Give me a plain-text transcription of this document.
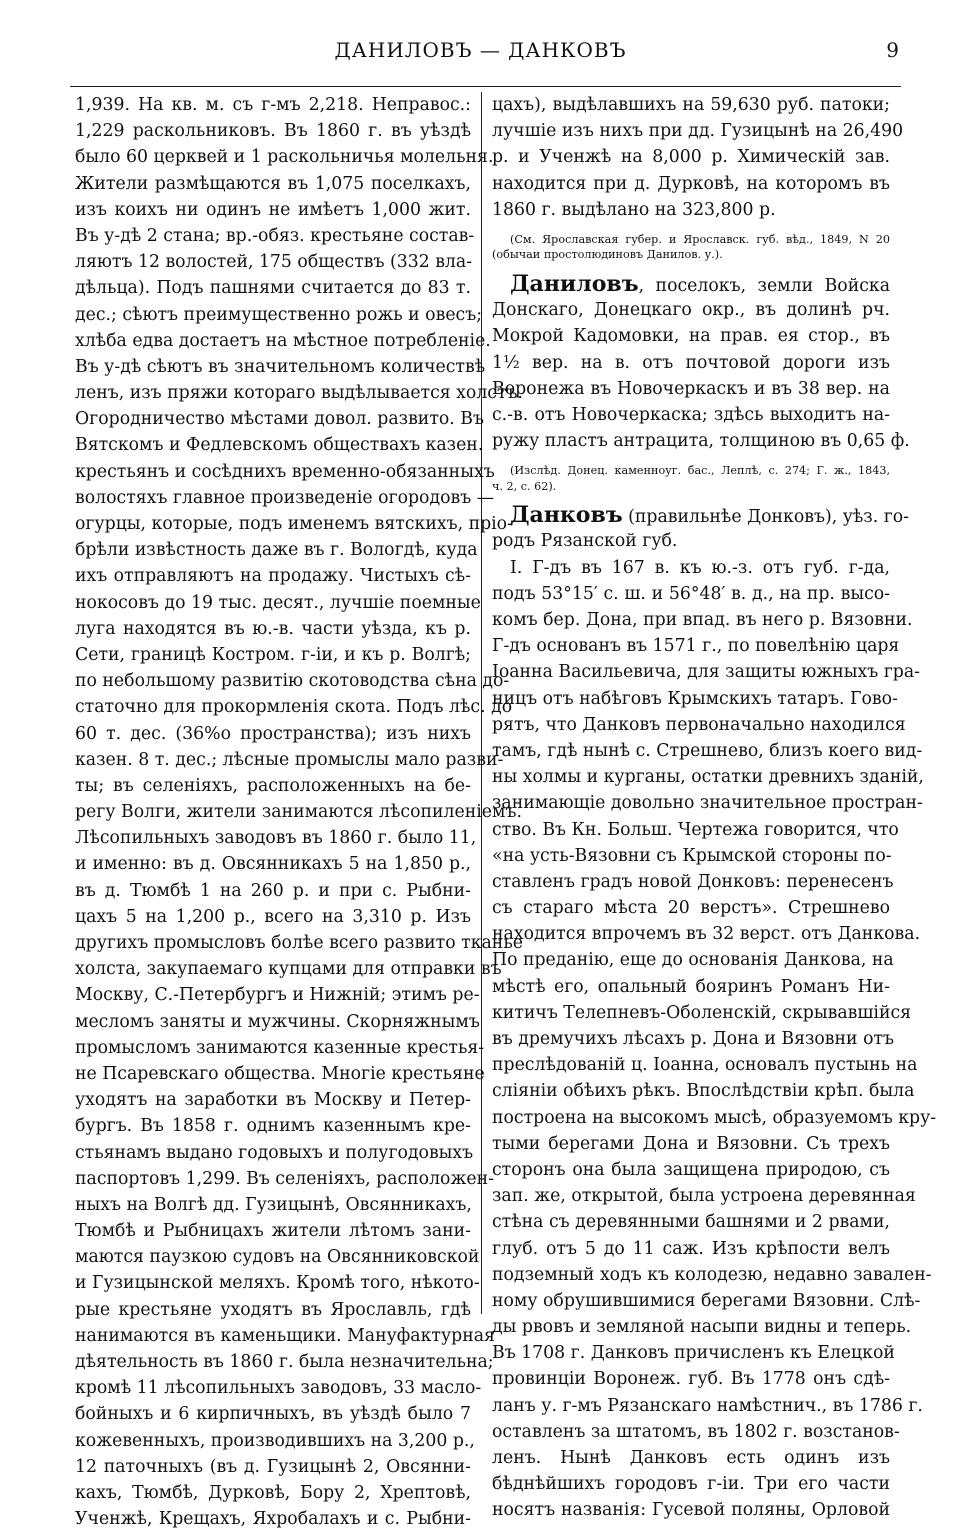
ДАНИЛОВЪ — ДАНКОВЪ	9
1,939. На кв. м. съ г-мъ 2,218. Неправос.:
1,229 раскольниковъ. Въ 1860 г. въ уѣздѣ
было 60 церквей и 1 раскольничья молельня.
Жители размѣщаются въ 1,075 поселкахъ,
изъ коихъ ни одинъ не имѣетъ 1,000 жит.
Въ у-дѣ 2 стана; вр.-обяз. крестьяне состав-
ляютъ 12 волостей, 175 обществъ (332 вла-
дѣльца). Подъ пашнями считается до 83 т.
дес.; сѣютъ преимущественно рожь и овесъ;
хлѣба едва достаетъ на мѣстное потребленіе.
Въ у-дѣ сѣютъ въ значительномъ количествѣ
ленъ, изъ пряжи котораго выдѣлывается холстъ.
Огородничество мѣстами довол. развито. Въ
Вятскомъ и Федлевскомъ обществахъ казен.
крестьянъ и сосѣднихъ временно-обязанныхъ
волостяхъ главное произведеніе огородовъ —
огурцы, которые, подъ именемъ вятскихъ, пріо-
брѣли извѣстность даже въ г. Вологдѣ, куда
ихъ отправляютъ на продажу. Чистыхъ сѣ-
нокосовъ до 19 тыс. десят., лучшіе поемные
луга находятся въ ю.-в. части уѣзда, къ р.
Сети, границѣ Костром. г-іи, и къ р. Волгѣ;
по небольшому развитію скотоводства сѣна до-
статочно для прокормленія скота. Подъ лѣс. до
60 т. дес. (36%о пространства); изъ нихъ
казен. 8 т. дес.; лѣсные промыслы мало разви-
ты; въ селеніяхъ, расположенныхъ на бе-
регу Волги, жители занимаются лѣсопиленіемъ.
Лѣсопильныхъ заводовъ въ 1860 г. было 11,
и именно: въ д. Овсянникахъ 5 на 1,850 р.,
въ д. Тюмбѣ 1 на 260 р. и при с. Рыбни-
цахъ 5 на 1,200 р., всего на 3,310 р. Изъ
другихъ промысловъ болѣе всего развито тканье
холста, закупаемаго купцами для отправки въ
Москву, С.-Петербургъ и Нижній; этимъ ре-
месломъ заняты и мужчины. Скорняжнымъ
промысломъ занимаются казенные крестья-
не Псаревскаго общества. Многіе крестьяне
уходятъ на заработки въ Москву и Петер-
бургъ. Въ 1858 г. однимъ казеннымъ кре-
стьянамъ выдано годовыхъ и полугодовыхъ
паспортовъ 1,299. Въ селеніяхъ, расположен-
ныхъ на Волгѣ дд. Гузицынѣ, Овсянникахъ,
Тюмбѣ и Рыбницахъ жители лѣтомъ зани-
маются паузкою судовъ на Овсянниковской
и Гузицынской меляхъ. Кромѣ того, нѣкото-
рые крестьяне уходятъ въ Ярославль, гдѣ
нанимаются въ каменьщики. Мануфактурная
дѣятельность въ 1860 г. была незначительна;
кромѣ 11 лѣсопильныхъ заводовъ, 33 масло-
бойныхъ и 6 кирпичныхъ, въ уѣздѣ было 7
кожевенныхъ, производившихъ на 3,200 р.,
12 паточныхъ (въ д. Гузицынѣ 2, Овсянни-
кахъ, Тюмбѣ, Дурковѣ, Бору 2, Хрептовѣ,
Ученжѣ, Крещахъ, Яхробалахъ и с. Рыбни-
цахъ), выдѣлавшихъ на 59,630 руб. патоки;
лучшіе изъ нихъ при дд. Гузицынѣ на 26,490
р. и Ученжѣ на 8,000 р. Химическій зав.
находится при д. Дурковѣ, на которомъ въ
1860 г. выдѣлано на 323,800 р.
(См. Ярославская губер. и Ярославск. губ. вѣд., 1849, N 20
(обычаи простолюдиновъ Данилов. у.).
Даниловъ, поселокъ, земли Войска
Донскаго, Донецкаго окр., въ долинѣ рч.
Мокрой Кадомовки, на прав. ея стор., въ
1½ вер. на в. отъ почтовой дороги изъ
Воронежа въ Новочеркаскъ и въ 38 вер. на
с.-в. отъ Новочеркаска; здѣсь выходитъ на-
ружу пластъ антрацита, толщиною въ 0,65 ф.
(Изслѣд. Донец. каменноуг. бас., Леплѣ, с. 274; Г. ж., 1843,
ч. 2, с. 62).
Данковъ (правильнѣе Донковъ), уѣз. го-
родъ Рязанской губ.
I. Г-дъ въ 167 в. къ ю.-з. отъ губ. г-да,
подъ 53°15′ с. ш. и 56°48′ в. д., на пр. высо-
комъ бер. Дона, при впад. въ него р. Вязовни.
Г-дъ основанъ въ 1571 г., по повелѣнію царя
Іоанна Васильевича, для защиты южныхъ гра-
ницъ отъ набѣговъ Крымскихъ татаръ. Гово-
рятъ, что Данковъ первоначально находился
тамъ, гдѣ нынѣ с. Стрешнево, близъ коего вид-
ны холмы и курганы, остатки древнихъ зданій,
занимающіе довольно значительное простран-
ство. Въ Кн. Больш. Чертежа говорится, что
«на усть-Вязовни съ Крымской стороны по-
ставленъ градъ новой Донковъ: перенесенъ
съ стараго мѣста 20 верстъ». Стрешнево
находится впрочемъ въ 32 верст. отъ Данкова.
По преданію, еще до основанія Данкова, на
мѣстѣ его, опальный бояринъ Романъ Ни-
китичъ Телепневъ-Оболенскій, скрывавшійся
въ дремучихъ лѣсахъ р. Дона и Вязовни отъ
преслѣдованій ц. Іоанна, основалъ пустынь на
сліяніи обѣихъ рѣкъ. Впослѣдствіи крѣп. была
построена на высокомъ мысѣ, образуемомъ кру-
тыми берегами Дона и Вязовни. Съ трехъ
сторонъ она была защищена природою, съ
зап. же, открытой, была устроена деревянная
стѣна съ деревянными башнями и 2 рвами,
глуб. отъ 5 до 11 саж. Изъ крѣпости велъ
подземный ходъ къ колодезю, недавно завален-
ному обрушившимися берегами Вязовни. Слѣ-
ды рвовъ и земляной насыпи видны и теперь.
Въ 1708 г. Данковъ причисленъ къ Елецкой
провинціи Воронеж. губ. Въ 1778 онъ сдѣ-
ланъ у. г-мъ Рязанскаго намѣстнич., въ 1786 г.
оставленъ за штатомъ, въ 1802 г. возстанов-
ленъ. Нынѣ Данковъ есть одинъ изъ
бѣднѣйшихъ городовъ г-іи. Три его части
носятъ названія: Гусевой поляны, Орловой
